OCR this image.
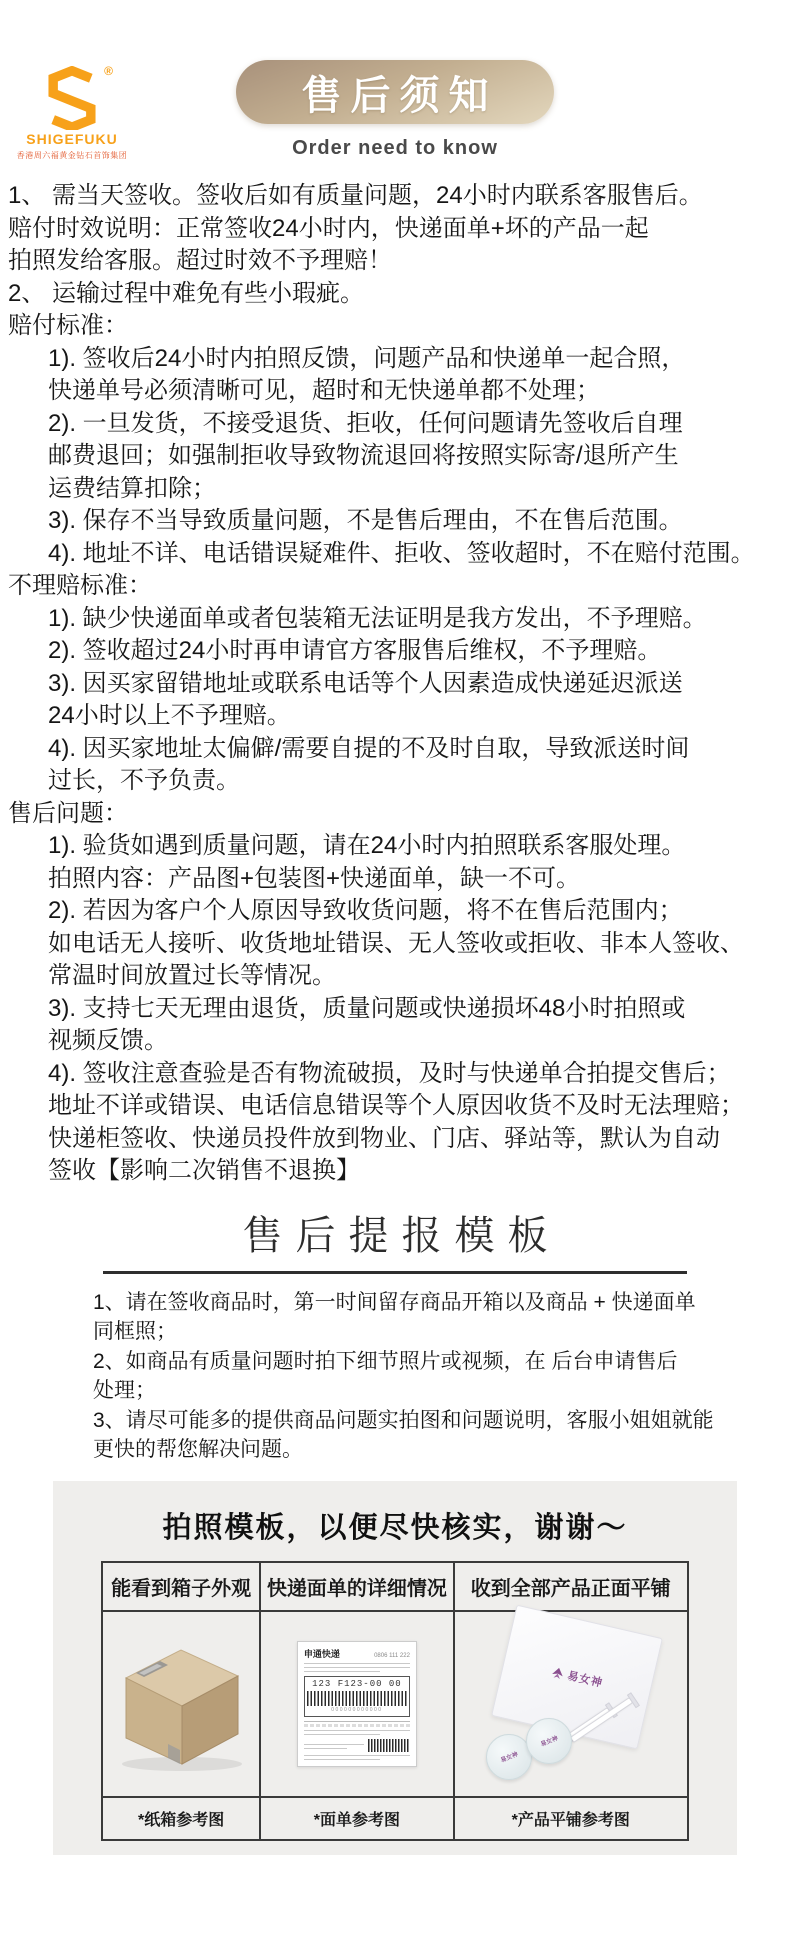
®
SHIGEFUKU
香港周六福黄金钻石首饰集团
售后须知
Order need to know
1、 需当天签收。签收后如有质量问题，24小时内联系客服售后。
赔付时效说明：正常签收24小时内，快递面单+坏的产品一起
拍照发给客服。超过时效不予理赔！
2、 运输过程中难免有些小瑕疵。
赔付标准：
1). 签收后24小时内拍照反馈，问题产品和快递单一起合照，
快递单号必须清晰可见，超时和无快递单都不处理；
2). 一旦发货，不接受退货、拒收，任何问题请先签收后自理
邮费退回；如强制拒收导致物流退回将按照实际寄/退所产生
运费结算扣除；
3). 保存不当导致质量问题，不是售后理由，不在售后范围。
4). 地址不详、电话错误疑难件、拒收、签收超时，不在赔付范围。
不理赔标准：
1). 缺少快递面单或者包装箱无法证明是我方发出，不予理赔。
2). 签收超过24小时再申请官方客服售后维权，不予理赔。
3). 因买家留错地址或联系电话等个人因素造成快递延迟派送
24小时以上不予理赔。
4). 因买家地址太偏僻/需要自提的不及时自取，导致派送时间
过长，不予负责。
售后问题：
1). 验货如遇到质量问题，请在24小时内拍照联系客服处理。
拍照内容：产品图+包装图+快递面单，缺一不可。
2). 若因为客户个人原因导致收货问题，将不在售后范围内；
如电话无人接听、收货地址错误、无人签收或拒收、非本人签收、
常温时间放置过长等情况。
3). 支持七天无理由退货，质量问题或快递损坏48小时拍照或
视频反馈。
4). 签收注意查验是否有物流破损，及时与快递单合拍提交售后；
地址不详或错误、电话信息错误等个人原因收货不及时无法理赔；
快递柜签收、快递员投件放到物业、门店、驿站等，默认为自动
签收【影响二次销售不退换】
售后提报模板
1、请在签收商品时，第一时间留存商品开箱以及商品 + 快递面单
同框照；
2、如商品有质量问题时拍下细节照片或视频，在 后台申请售后
处理；
3、请尽可能多的提供商品问题实拍图和问题说明，客服小姐姐就能
更快的帮您解决问题。
拍照模板，以便尽快核实，谢谢～
能看到箱子外观	快递面单的详细情况	收到全部产品正面平铺

申通快递	0806 111 222
123 F123-00 00
000000000000

易女神
易女神
易女神

*纸箱参考图	*面单参考图	*产品平铺参考图
